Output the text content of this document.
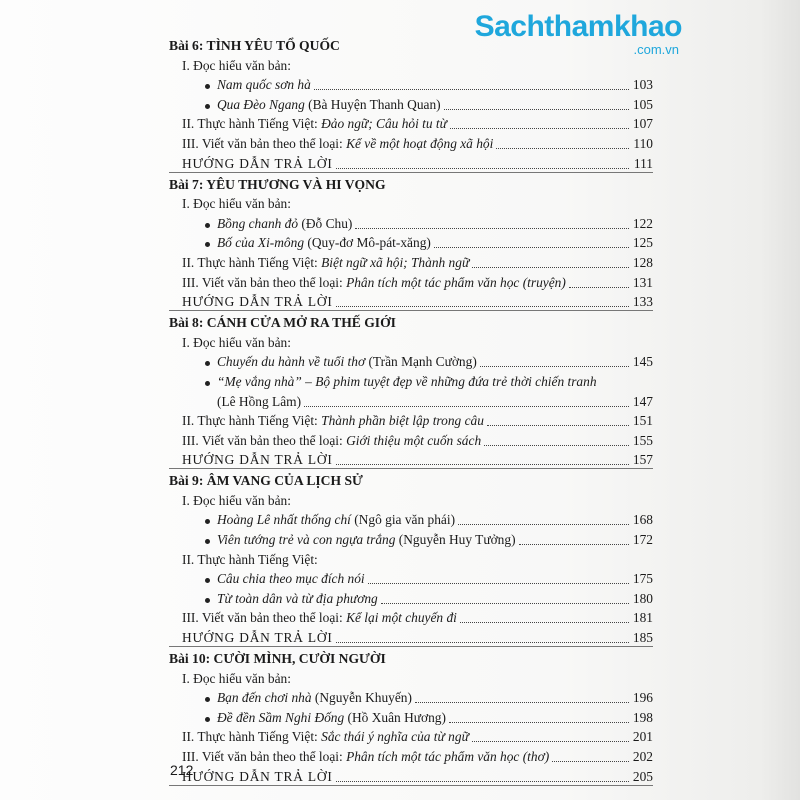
Sachthamkhao
.com.vn
Bài 6: TÌNH YÊU TỔ QUỐC
I. Đọc hiểu văn bản:
Nam quốc sơn hà	103
Qua Đèo Ngang (Bà Huyện Thanh Quan)	105
II. Thực hành Tiếng Việt: Đảo ngữ; Câu hỏi tu từ	107
III. Viết văn bản theo thể loại: Kể về một hoạt động xã hội	110
HƯỚNG DẪN TRẢ LỜI	111
Bài 7: YÊU THƯƠNG VÀ HI VỌNG
I. Đọc hiểu văn bản:
Bồng chanh đỏ (Đỗ Chu)	122
Bố của Xi-mông (Quy-đơ Mô-pát-xăng)	125
II. Thực hành Tiếng Việt: Biệt ngữ xã hội; Thành ngữ	128
III. Viết văn bản theo thể loại: Phân tích một tác phẩm văn học (truyện)	131
HƯỚNG DẪN TRẢ LỜI	133
Bài 8: CÁNH CỬA MỞ RA THẾ GIỚI
I. Đọc hiểu văn bản:
Chuyến du hành về tuổi thơ (Trần Mạnh Cường)	145
“Mẹ vắng nhà” – Bộ phim tuyệt đẹp về những đứa trẻ thời chiến tranh
(Lê Hồng Lâm)	147
II. Thực hành Tiếng Việt: Thành phần biệt lập trong câu	151
III. Viết văn bản theo thể loại: Giới thiệu một cuốn sách	155
HƯỚNG DẪN TRẢ LỜI	157
Bài 9: ÂM VANG CỦA LỊCH SỬ
I. Đọc hiểu văn bản:
Hoàng Lê nhất thống chí (Ngô gia văn phái)	168
Viên tướng trẻ và con ngựa trắng (Nguyễn Huy Tưởng)	172
II. Thực hành Tiếng Việt:
Câu chia theo mục đích nói	175
Từ toàn dân và từ địa phương	180
III. Viết văn bản theo thể loại: Kể lại một chuyến đi	181
HƯỚNG DẪN TRẢ LỜI	185
Bài 10: CƯỜI MÌNH, CƯỜI NGƯỜI
I. Đọc hiểu văn bản:
Bạn đến chơi nhà (Nguyễn Khuyến)	196
Đề đền Sầm Nghi Đống (Hồ Xuân Hương)	198
II. Thực hành Tiếng Việt: Sắc thái ý nghĩa của từ ngữ	201
III. Viết văn bản theo thể loại: Phân tích một tác phẩm văn học (thơ)	202
HƯỚNG DẪN TRẢ LỜI	205
212
